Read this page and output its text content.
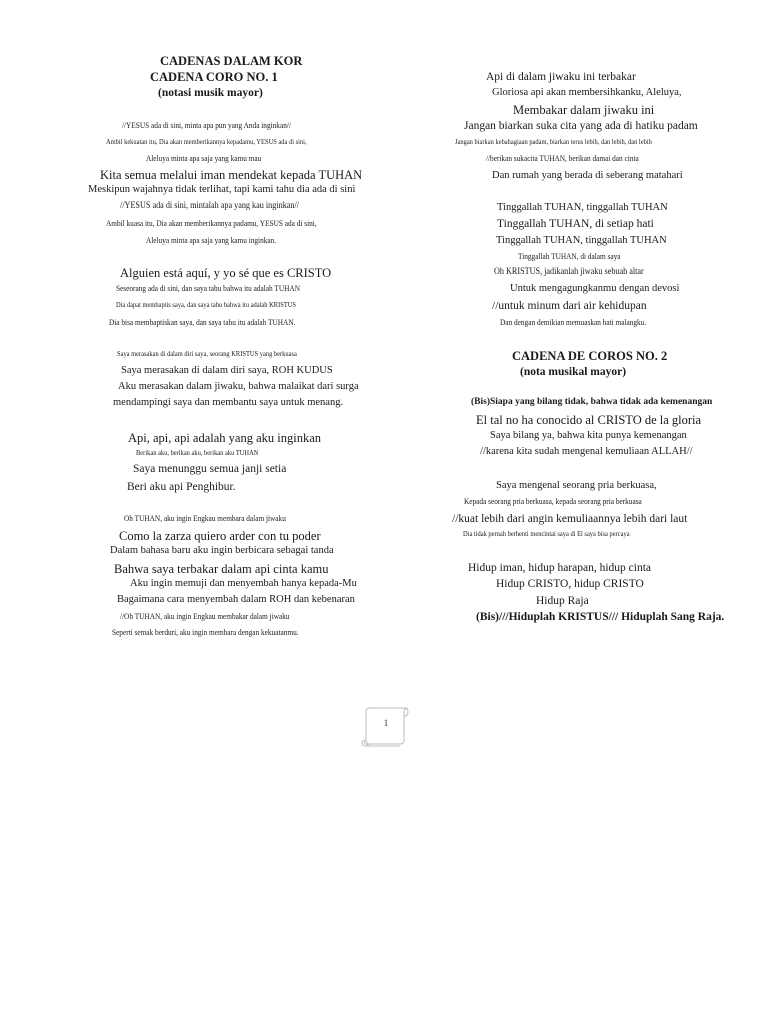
CADENAS DALAM KOR
CADENA CORO NO. 1
(notasi musik mayor)
//YESUS ada di sini, minta apa pun yang Anda inginkan//
Ambil kekuatan itu, Dia akan memberikannya kepadamu, YESUS ada di sini,
Aleluya minta apa saja yang kamu mau
Kita semua melalui iman mendekat kepada TUHAN
Meskipun wajahnya tidak terlihat, tapi kami tahu dia ada di sini
//YESUS ada di sini, mintalah apa yang kau inginkan//
Ambil kuasa itu, Dia akan memberikannya padamu, YESUS ada di sini,
Aleluya minta apa saja yang kamu inginkan.
Alguien está aquí, y yo sé que es CRISTO
Seseorang ada di sini, dan saya tahu bahwa itu adalah TUHAN
Dia dapat membaptis saya, dan saya tahu bahwa itu adalah KRISTUS
Dia bisa membaptiskan saya, dan saya tahu itu adalah TUHAN.
Saya merasakan di dalam diri saya, seorang KRISTUS yang berkuasa
Saya merasakan di dalam diri saya, ROH KUDUS
Aku merasakan dalam jiwaku, bahwa malaikat dari surga
mendampingi saya dan membantu saya untuk menang.
Api, api, api adalah yang aku inginkan
Berikan aku, berikan aku, berikan aku TUHAN
Saya menunggu semua janji setia
Beri aku api Penghibur.
Oh TUHAN, aku ingin Engkau membara dalam jiwaku
Como la zarza quiero arder con tu poder
Dalam bahasa baru aku ingin berbicara sebagai tanda
Bahwa saya terbakar dalam api cinta kamu
Aku ingin memuji dan menyembah hanya kepada-Mu
Bagaimana cara menyembah dalam ROH dan kebenaran
//Oh TUHAN, aku ingin Engkau membakar dalam jiwaku
Seperti semak berduri, aku ingin membara dengan kekuatanmu.
Api di dalam jiwaku ini terbakar
Gloriosa api akan membersihkanku, Aleluya,
Membakar dalam jiwaku ini
Jangan biarkan suka cita yang ada di hatiku padam
Jangan biarkan kebahagiaan padam, biarkan terus lebih, dan lebih, dan lebih
//berikan sukacita TUHAN, berikan damai dan cinta
Dan rumah yang berada di seberang matahari
Tinggallah TUHAN, tinggallah TUHAN
Tinggallah TUHAN, di setiap hati
Tinggallah TUHAN, tinggallah TUHAN
Tinggallah TUHAN, di dalam saya
Oh KRISTUS, jadikanlah jiwaku sebuah altar
Untuk mengagungkanmu dengan devosi
//untuk minum dari air kehidupan
Dan dengan demikian memuaskan hati malangku.
CADENA DE COROS NO. 2
(nota musikal mayor)
(Bis)Siapa yang bilang tidak, bahwa tidak ada kemenangan
El tal no ha conocido al CRISTO de la gloria
Saya bilang ya, bahwa kita punya kemenangan
//karena kita sudah mengenal kemuliaan ALLAH//
Saya mengenal seorang pria berkuasa,
Kepada seorang pria berkuasa, kepada seorang pria berkuasa
//kuat lebih dari angin kemuliaannya lebih dari laut
Dia tidak pernah berhenti mencintai saya di El saya bisa percaya
Hidup iman, hidup harapan, hidup cinta
Hidup CRISTO, hidup CRISTO
Hidup Raja
(Bis)///Hiduplah KRISTUS/// Hiduplah Sang Raja.
1
